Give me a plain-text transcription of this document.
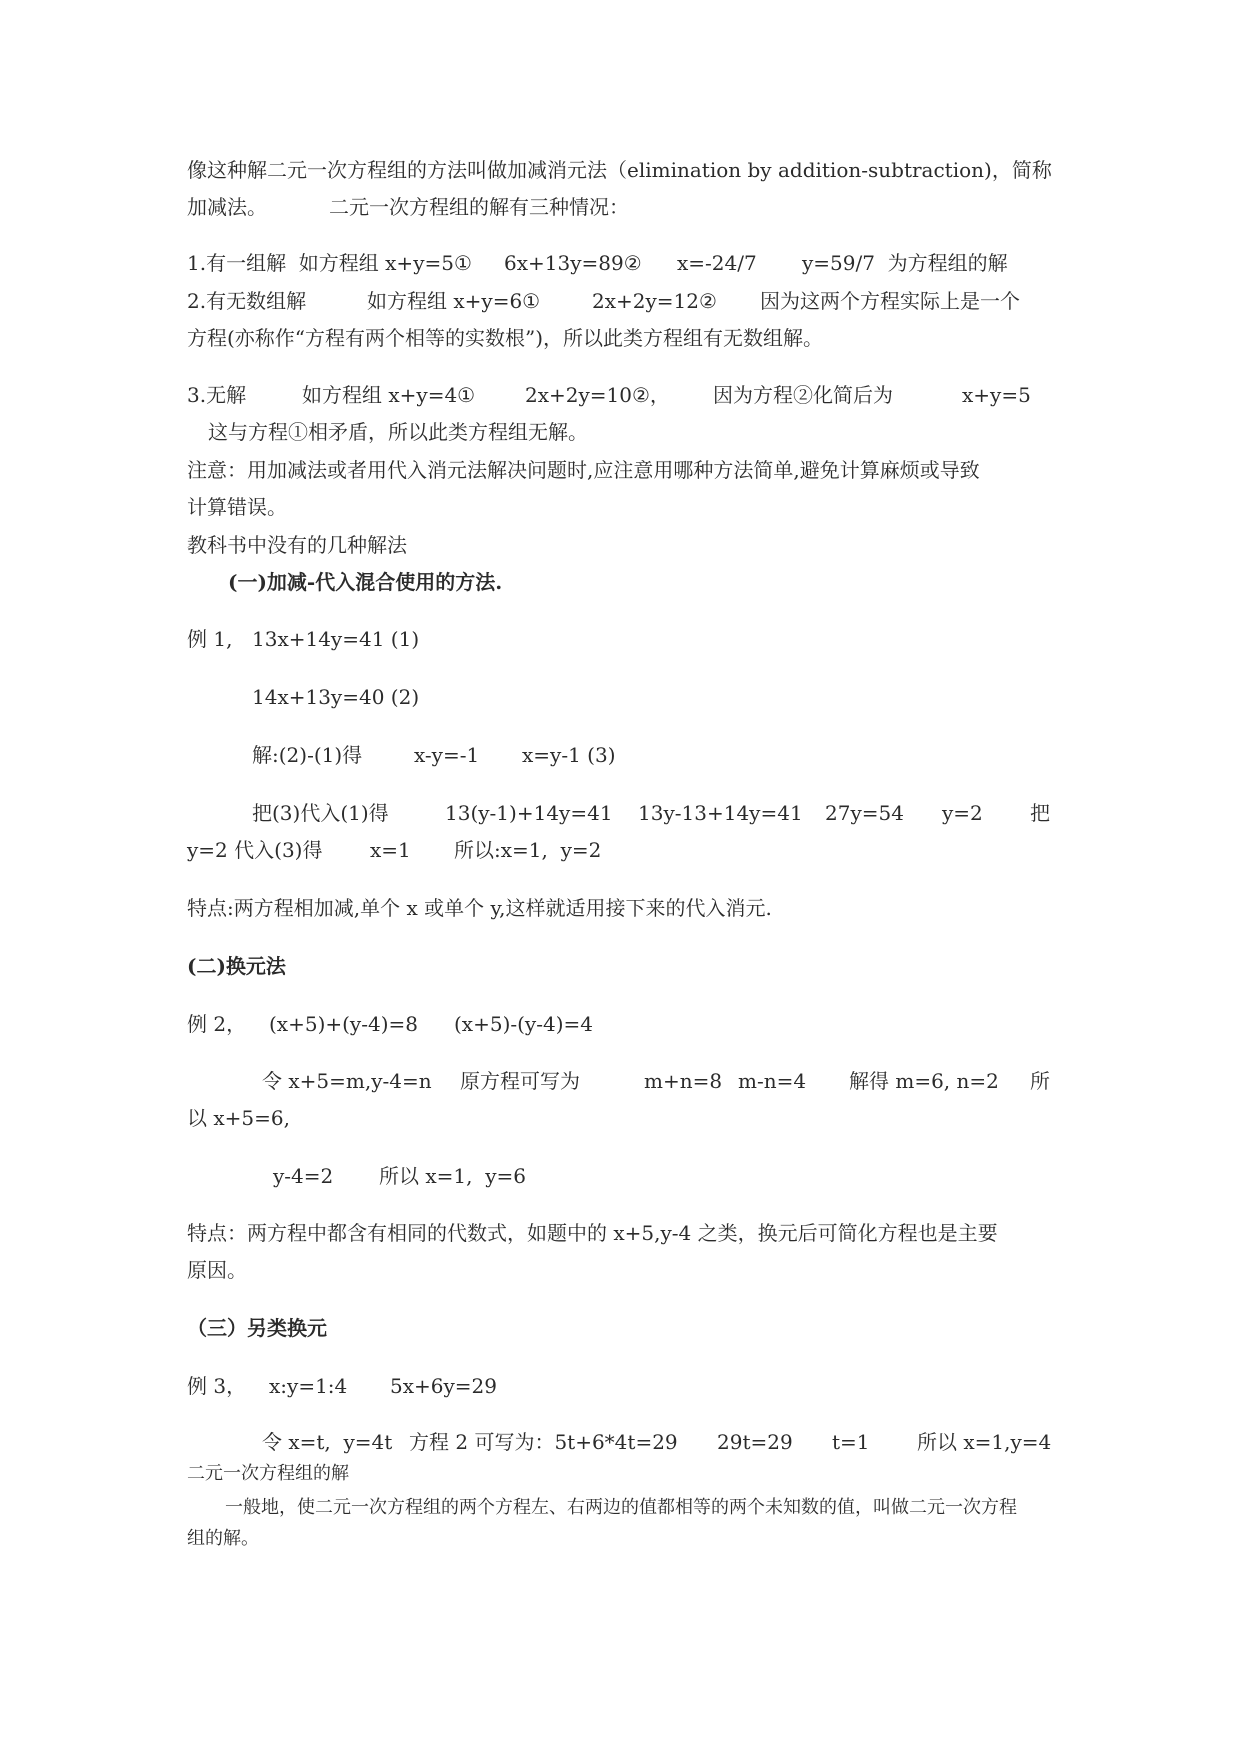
像这种解二元一次方程组的方法叫做加减消元法（elimination by addition-subtraction)，简称
加减法。	二元一次方程组的解有三种情况：
1.有一组解  如方程组 x+y=5① 6x+13y=89② x=-24/7 y=59/7  为方程组的解
2.有无数组解	如方程组 x+y=6①	2x+2y=12② 因为这两个方程实际上是一个
方程(亦称作“方程有两个相等的实数根”)，所以此类方程组有无数组解。
3.无解	如方程组 x+y=4① 2x+2y=10②， 因为方程②化简后为	x+y=5
这与方程①相矛盾，所以此类方程组无解。
注意：用加减法或者用代入消元法解决问题时,应注意用哪种方法简单,避免计算麻烦或导致
计算错误。
教科书中没有的几种解法
(一)加减-代入混合使用的方法.
例 1, 13x+14y=41 (1)
14x+13y=40 (2)
解:(2)-(1)得	x-y=-1 x=y-1 (3)
把(3)代入(1)得	13(y-1)+14y=41 13y-13+14y=41 27y=54 y=2 把
y=2 代入(3)得 x=1 所以:x=1,  y=2
特点:两方程相加减,单个 x 或单个 y,这样就适用接下来的代入消元.
(二)换元法
例 2， (x+5)+(y-4)=8 (x+5)-(y-4)=4
令 x+5=m,y-4=n 原方程可写为	m+n=8 m-n=4 解得 m=6, n=2 所
以 x+5=6,
y-4=2 所以 x=1,  y=6
特点：两方程中都含有相同的代数式，如题中的 x+5,y-4 之类，换元后可简化方程也是主要
原因。
（三）另类换元
例 3， x:y=1:4 5x+6y=29
令 x=t,  y=4t 方程 2 可写为：5t+6*4t=29 29t=29 t=1 所以 x=1,y=4
二元一次方程组的解
一般地，使二元一次方程组的两个方程左、右两边的值都相等的两个未知数的值，叫做二元一次方程
组的解。
